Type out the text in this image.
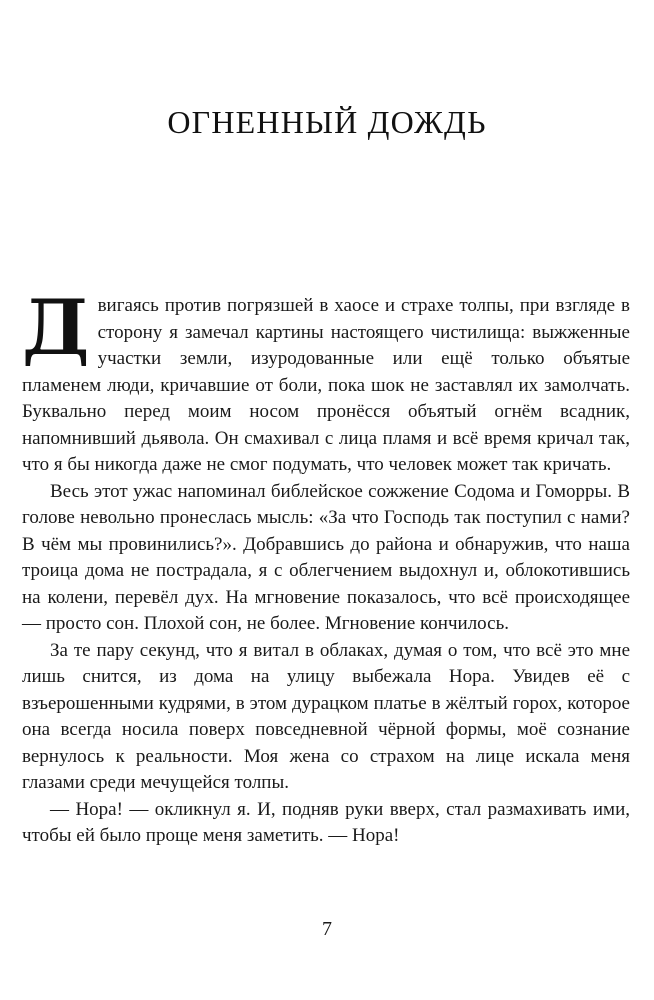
ОГНЕННЫЙ ДОЖДЬ

Двигаясь против погрязшей в хаосе и страхе толпы, при взгляде в сторону я замечал картины настоящего чистилища: выжженные участки земли, изуродованные или ещё только объятые пламенем люди, кричавшие от боли, пока шок не заставлял их замолчать. Буквально перед моим носом пронёсся объятый огнём всадник, напомнивший дьявола. Он смахивал с лица пламя и всё время кричал так, что я бы никогда даже не смог подумать, что человек может так кричать.

Весь этот ужас напоминал библейское сожжение Содома и Гоморры. В голове невольно пронеслась мысль: «За что Господь так поступил с нами? В чём мы провинились?». Добравшись до района и обнаружив, что наша троица дома не пострадала, я с облегчением выдохнул и, облокотившись на колени, перевёл дух. На мгновение показалось, что всё происходящее — просто сон. Плохой сон, не более. Мгновение кончилось.

За те пару секунд, что я витал в облаках, думая о том, что всё это мне лишь снится, из дома на улицу выбежала Нора. Увидев её с взъерошенными кудрями, в этом дурацком платье в жёлтый горох, которое она всегда носила поверх повседневной чёрной формы, моё сознание вернулось к реальности. Моя жена со страхом на лице искала меня глазами среди мечущейся толпы.

— Нора! — окликнул я. И, подняв руки вверх, стал размахивать ими, чтобы ей было проще меня заметить. — Нора!

7
